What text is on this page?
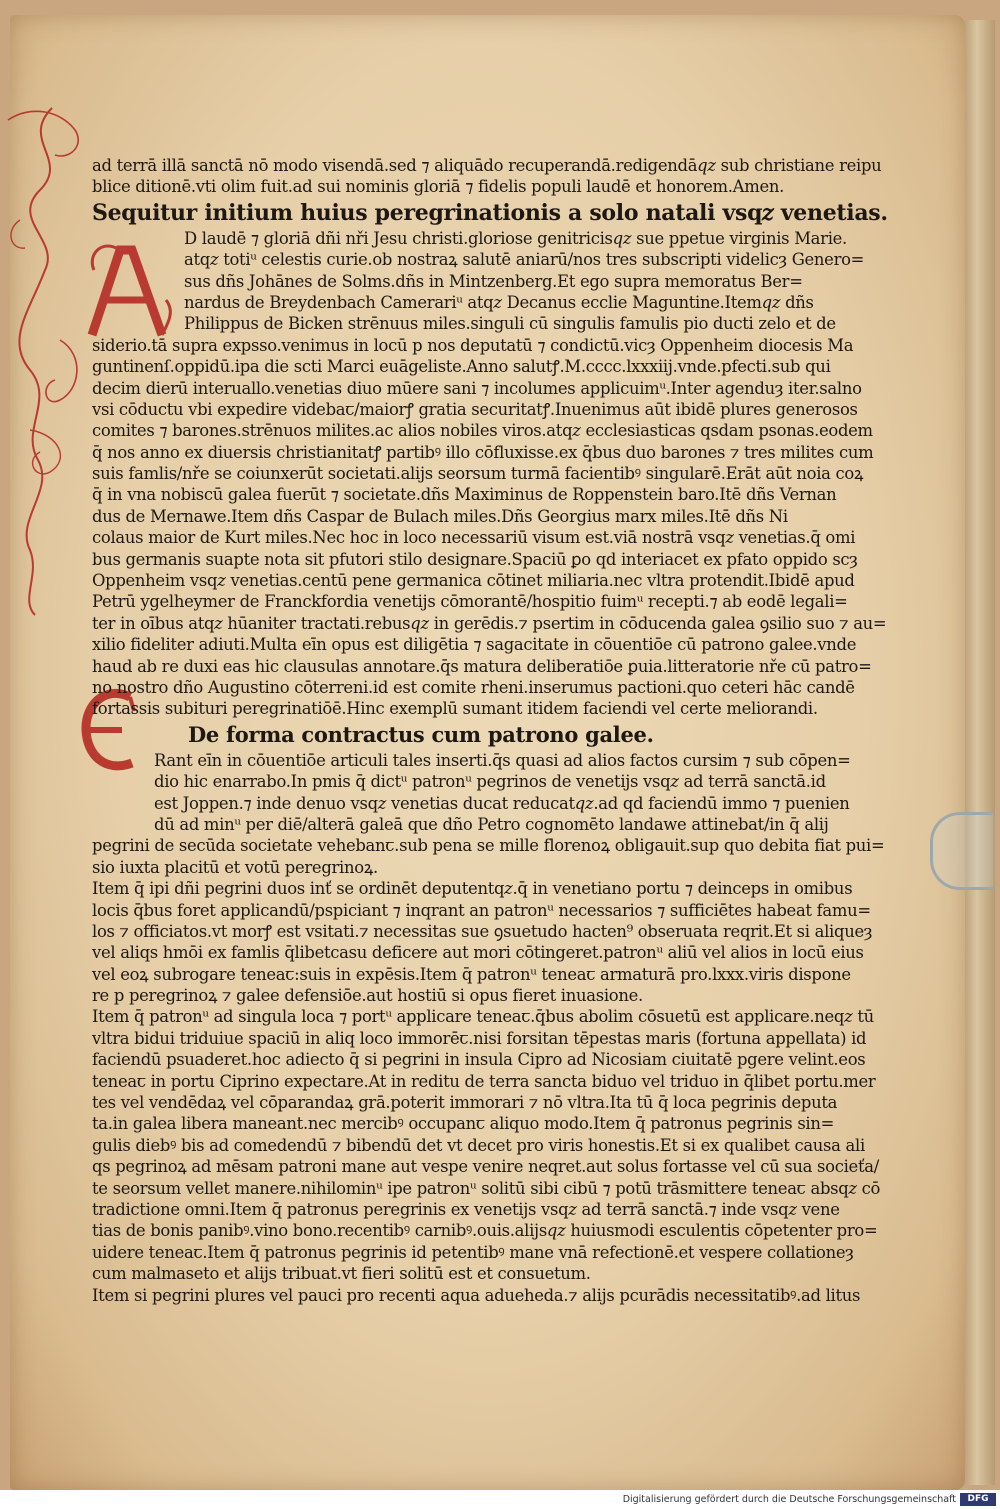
ad terrā illā sanctā nō modo visendā.sed ⁊ aliquādo recuperandā.redigendā𝑞𝑧 sub christiane reipu
blice ditionē.vti olim fuit.ad sui nominis gloriā ⁊ fidelis populi laudē et honorem.Amen.
Sequitur initium huius peregrinationis a solo natali vsq𝑧 venetias.
D laudē ⁊ gloriā dñi nři Jesu christi.gloriose genitricis𝑞𝑧 sue ppetue virginis Marie.
atq𝑧 totiᵘ celestis curie.ob nostraꝝ salutē aniarū/nos tres subscripti videlicȝ Genero=
sus dñs Johānes de Solms.dñs in Mintzenberg.Et ego supra memoratus Ber=
nardus de Breydenbach Camerariᵘ atq𝑧 Decanus ecclie Maguntine.Item𝑞𝑧 dñs
Philippus de Bicken strēnuus miles.singuli cū singulis famulis pio ducti zelo et de
siderio.tā supra expsso.venimus in locū p nos deputatū ⁊ condictū.vicȝ Oppenheim diocesis Ma
guntinenſ.oppidū.ipa die scti Marci euāgeliste.Anno salutꝭ.M.cccc.lxxxiij.vnde.pfecti.sub qui
decim dierū interuallo.venetias diuo mūere sani ⁊ incolumes applicuimᵘ.Inter agenduȝ iter.salno
vsi cōductu vbi expedire videbaꞇ/maiorꝭ gratia securitatꝭ.Inuenimus aūt ibidē plures generosos
comites ⁊ barones.strēnuos milites.ac alios nobiles viros.atq𝑧 ecclesiasticas qsdam psonas.eodem
q̄ nos anno ex diuersis christianitatꝭ partibꝰ illo cōfluxisse.ex q̄bus duo barones ⁊ tres milites cum
suis famlis/nře se coiunxerūt societati.alijs seorsum turmā facientibꝰ singularē.Erāt aūt noia coꝝ
q̄ in vna nobiscū galea fuerūt ⁊ societate.dñs Maximinus de Roppenstein baro.Itē dñs Vernan
dus de Mernawe.Item dñs Caspar de Bulach miles.Dñs Georgius marx miles.Itē dñs Ni
colaus maior de Kurt miles.Nec hoc in loco necessariū visum est.viā nostrā vsq𝑧 venetias.q̄ omi
bus germanis suapte nota sit pfutori stilo designare.Spaciū ꝑo qd interiacet ex pfato oppido scȝ
Oppenheim vsq𝑧 venetias.centū pene germanica cōtinet miliaria.nec vltra protendit.Ibidē apud
Petrū ygelheymer de Franckfordia venetijs cōmorantē/hospitio fuimᵘ recepti.⁊ ab eodē legali=
ter in oībus atq𝑧 hūaniter tractati.rebus𝑞𝑧 in gerēdis.⁊ psertim in cōducenda galea ꝯsilio suo ⁊ au=
xilio fideliter adiuti.Multa eīn opus est diligētia ⁊ sagacitate in cōuentiōe cū patrono galee.vnde
haud ab re duxi eas hic clausulas annotare.q̄s matura deliberatiōe ꝑuia.litteratorie nře cū patro=
no nostro dño Augustino cōterreni.id est comite rheni.inserumus pactioni.quo ceteri hāc candē
fortassis subituri peregrinatiōē.Hinc exemplū sumant itidem faciendi vel certe meliorandi.
De forma contractus cum patrono galee.
Rant eīn in cōuentiōe articuli tales inserti.q̄s quasi ad alios factos cursim ⁊ sub cōpen=
dio hic enarrabo.In pmis q̄ dictᵘ patronᵘ pegrinos de venetijs vsq𝑧 ad terrā sanctā.id
est Joppen.⁊ inde denuo vsq𝑧 venetias ducat reducat𝑞𝑧.ad qd faciendū immo ⁊ puenien
dū ad minᵘ per diē/alterā galeā que dño Petro cognomēto landawe attinebat/in q̄ alij
pegrini de secūda societate vehebanꞇ.sub pena se mille florenoꝝ obligauit.sup quo debita fiat pui=
sio iuxta placitū et votū peregrinoꝝ.
Item q̄ ipi dñi pegrini duos inť se ordinēt deputentq𝑧.q̄ in venetiano portu ⁊ deinceps in omibus
locis q̄bus foret applicandū/pspiciant ⁊ inqrant an patronᵘ necessarios ⁊ sufficiētes habeat famu=
los ⁊ officiatos.vt morꝭ est vsitati.⁊ necessitas sue ꝯsuetudo hacten⁹ obseruata reqrit.Et si aliqueȝ
vel aliqs hmōi ex famlis q̄libetcasu deficere aut mori cōtingeret.patronᵘ aliū vel alios in locū eius
vel eoꝝ subrogare teneaꞇ:suis in expēsis.Item q̄ patronᵘ teneaꞇ armaturā pro.lxxx.viris dispone
re p peregrinoꝝ ⁊ galee defensiōe.aut hostiū si opus fieret inuasione.
Item q̄ patronᵘ ad singula loca ⁊ portᵘ applicare teneaꞇ.q̄bus abolim cōsuetū est applicare.neq𝑧 tū
vltra bidui triduiue spaciū in aliq loco immorēꞇ.nisi forsitan tēpestas maris (fortuna appellata) id
faciendū psuaderet.hoc adiecto q̄ si pegrini in insula Cipro ad Nicosiam ciuitatē pgere velint.eos
teneaꞇ in portu Ciprino expectare.At in reditu de terra sancta biduo vel triduo in q̄libet portu.mer
tes vel vendēdaꝝ vel cōparandaꝝ grā.poterit immorari ⁊ nō vltra.Ita tū q̄ loca pegrinis deputa
ta.in galea libera maneant.nec mercibꝰ occupanꞇ aliquo modo.Item q̄ patronus pegrinis sin=
gulis diebꝰ bis ad comedendū ⁊ bibendū det vt decet pro viris honestis.Et si ex qualibet causa ali
qs pegrinoꝝ ad mēsam patroni mane aut vespe venire neqret.aut solus fortasse vel cū sua socieťa/
te seorsum vellet manere.nihilominᵘ ipe patronᵘ solitū sibi cibū ⁊ potū trāsmittere teneaꞇ absq𝑧 cō
tradictione omni.Item q̄ patronus peregrinis ex venetijs vsq𝑧 ad terrā sanctā.⁊ inde vsq𝑧 vene
tias de bonis panibꝰ.vino bono.recentibꝰ carnibꝰ.ouis.alijs𝑞𝑧 huiusmodi esculentis cōpetenter pro=
uidere teneaꞇ.Item q̄ patronus pegrinis id petentibꝰ mane vnā refectionē.et vespere collationeȝ
cum malmaseto et alijs tribuat.vt fieri solitū est et consuetum.
Item si pegrini plures vel pauci pro recenti aqua adueheda.⁊ alijs pcurādis necessitatibꝰ.ad litus
Digitalisierung gefördert durch die Deutsche Forschungsgemeinschaft	DFG
